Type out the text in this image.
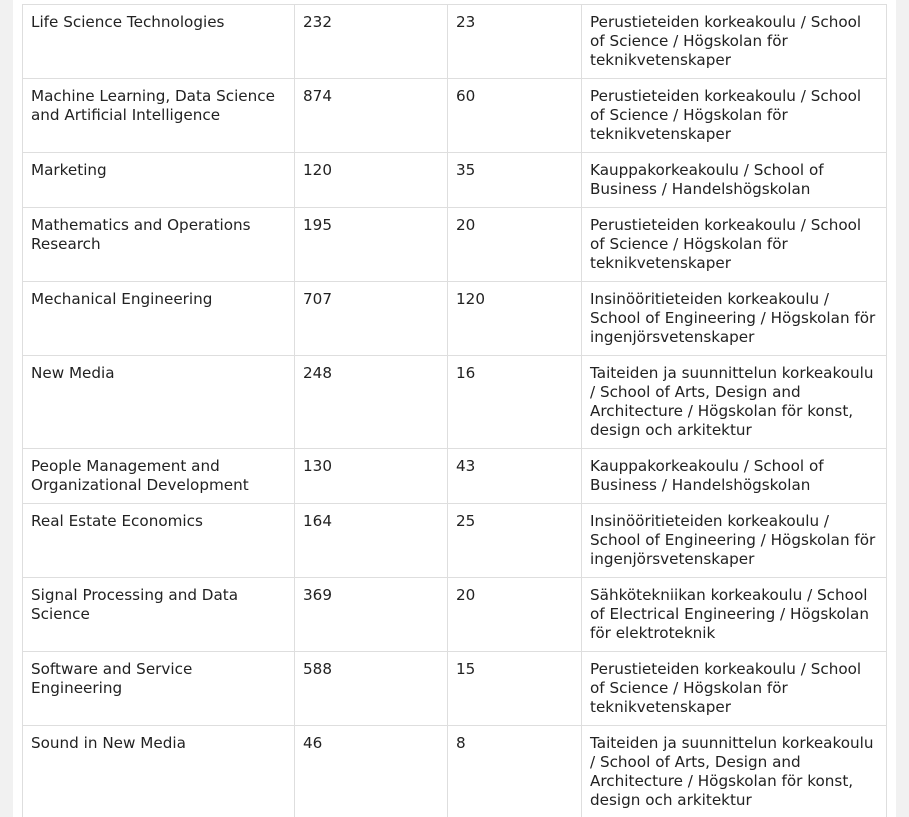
Life Science Technologies	232	23	Perustieteiden korkeakoulu / School of Science / Högskolan för teknikvetenskaper
Machine Learning, Data Science and Artificial Intelligence	874	60	Perustieteiden korkeakoulu / School of Science / Högskolan för teknikvetenskaper
Marketing	120	35	Kauppakorkeakoulu / School of Business / Handelshögskolan
Mathematics and Operations Research	195	20	Perustieteiden korkeakoulu / School of Science / Högskolan för teknikvetenskaper
Mechanical Engineering	707	120	Insinööritieteiden korkeakoulu / School of Engineering / Högskolan för ingenjörsvetenskaper
New Media	248	16	Taiteiden ja suunnittelun korkeakoulu / School of Arts, Design and Architecture / Högskolan för konst, design och arkitektur
People Management and Organizational Development	130	43	Kauppakorkeakoulu / School of Business / Handelshögskolan
Real Estate Economics	164	25	Insinööritieteiden korkeakoulu / School of Engineering / Högskolan för ingenjörsvetenskaper
Signal Processing and Data Science	369	20	Sähkötekniikan korkeakoulu / School of Electrical Engineering / Högskolan för elektroteknik
Software and Service Engineering	588	15	Perustieteiden korkeakoulu / School of Science / Högskolan för teknikvetenskaper
Sound in New Media	46	8	Taiteiden ja suunnittelun korkeakoulu / School of Arts, Design and Architecture / Högskolan för konst, design och arkitektur
